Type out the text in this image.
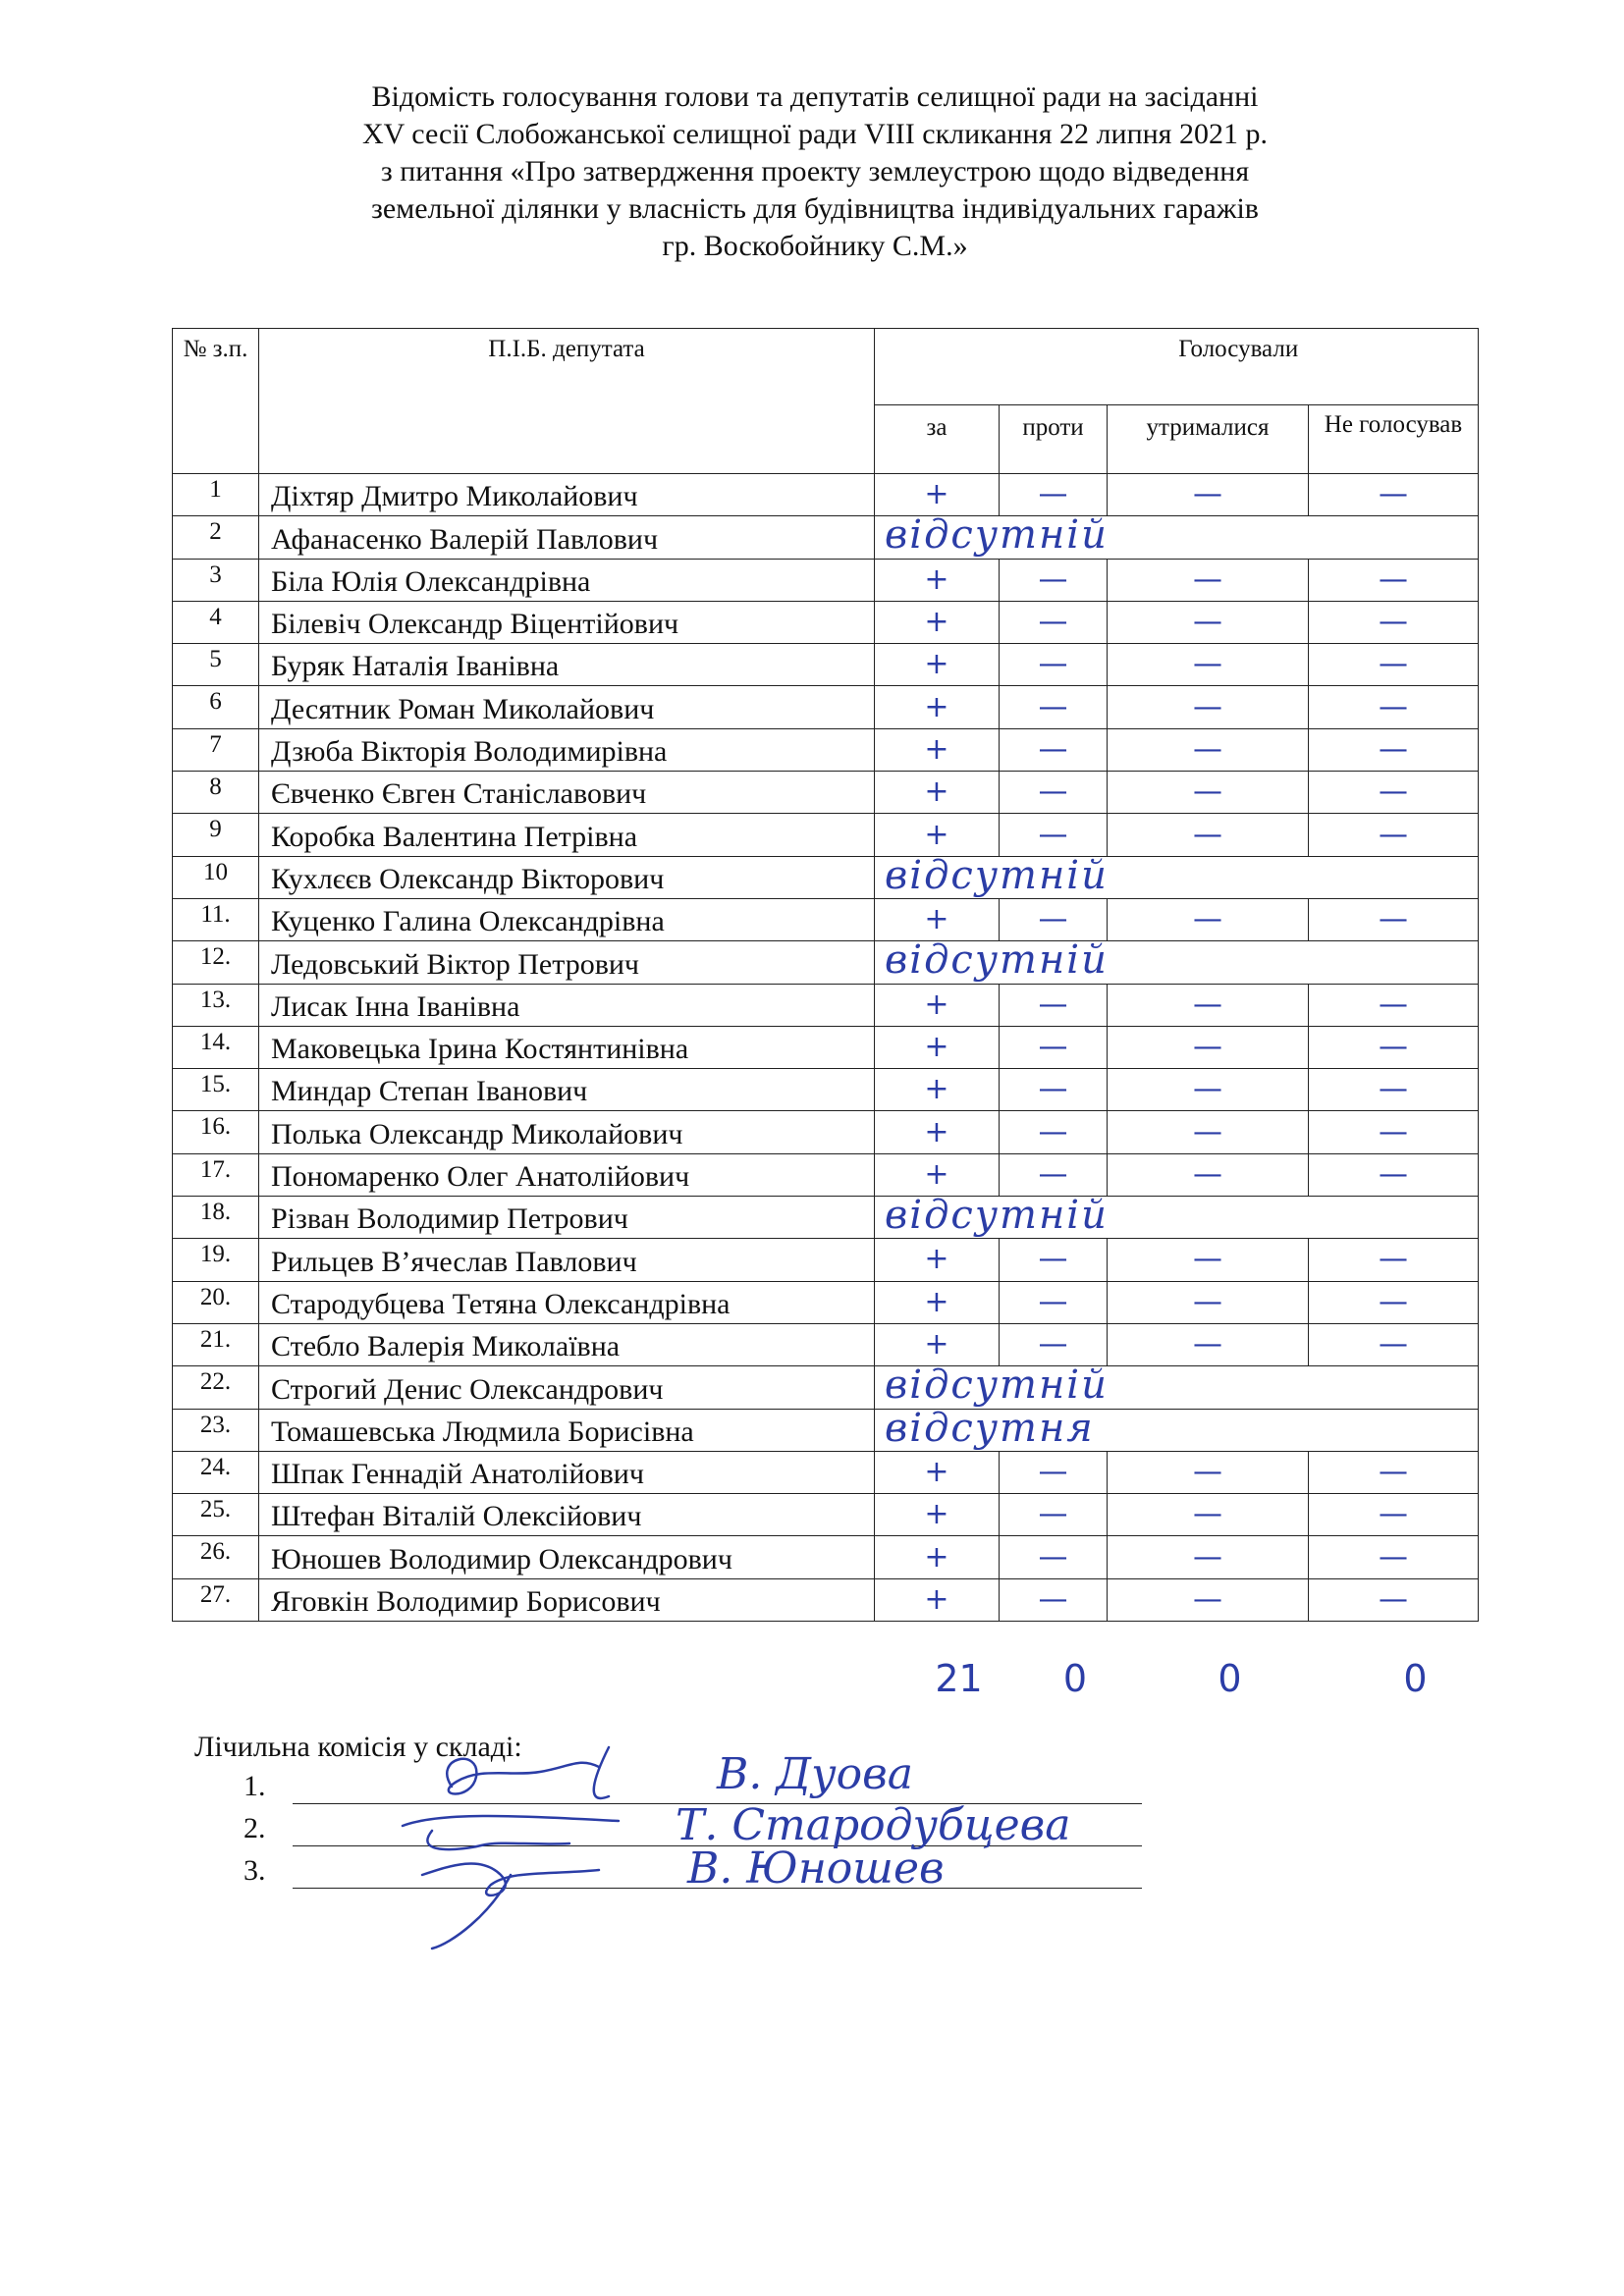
Відомість голосування голови та депутатів селищної ради на засіданні
XV сесії Слобожанської селищної ради VIII скликання 22 липня 2021 р.
з питання «Про затвердження проекту землеустрою щодо відведення
земельної ділянки у власність для будівництва індивідуальних гаражів
гр. Воскобойнику С.М.»
№ з.п.	П.І.Б. депутата		Голосували		
		за	проти	утрималися	Не голосував
1	Діхтяр Дмитро Миколайович	+	—	—	—
2	Афанасенко Валерій Павлович	відсутній			

3	Біла Юлія Олександрівна	+	—	—	—
4	Білевіч Олександр Віцентійович	+	—	—	—
5	Буряк Наталія Іванівна	+	—	—	—
6	Десятник Роман Миколайович	+	—	—	—
7	Дзюба Вікторія Володимирівна	+	—	—	—
8	Євченко Євген Станіславович	+	—	—	—
9	Коробка Валентина Петрівна	+	—	—	—
10	Кухлєєв Олександр Вікторович	відсутній			

11.	Куценко Галина Олександрівна	+	—	—	—
12.	Ледовський Віктор Петрович	відсутній			

13.	Лисак Інна Іванівна	+	—	—	—
14.	Маковецька Ірина Костянтинівна	+	—	—	—
15.	Миндар Степан Іванович	+	—	—	—
16.	Полька Олександр Миколайович	+	—	—	—
17.	Пономаренко Олег Анатолійович	+	—	—	—
18.	Різван Володимир Петрович	відсутній			

19.	Рильцев В’ячеслав Павлович	+	—	—	—
20.	Стародубцева Тетяна Олександрівна	+	—	—	—
21.	Стебло Валерія Миколаївна	+	—	—	—
22.	Строгий Денис Олександрович	відсутній			

23.	Томашевська Людмила Борисівна	відсутня			

24.	Шпак Геннадій Анатолійович	+	—	—	—
25.	Штефан Віталій Олексійович	+	—	—	—
26.	Юношев Володимир Олександрович	+	—	—	—
27.	Яговкін Володимир Борисович	+	—	—	—
21	0	0	0
Лічильна комісія у складі:
1.
2.
3.
В. Дуова
Т. Стародубцева
В. Юношев
